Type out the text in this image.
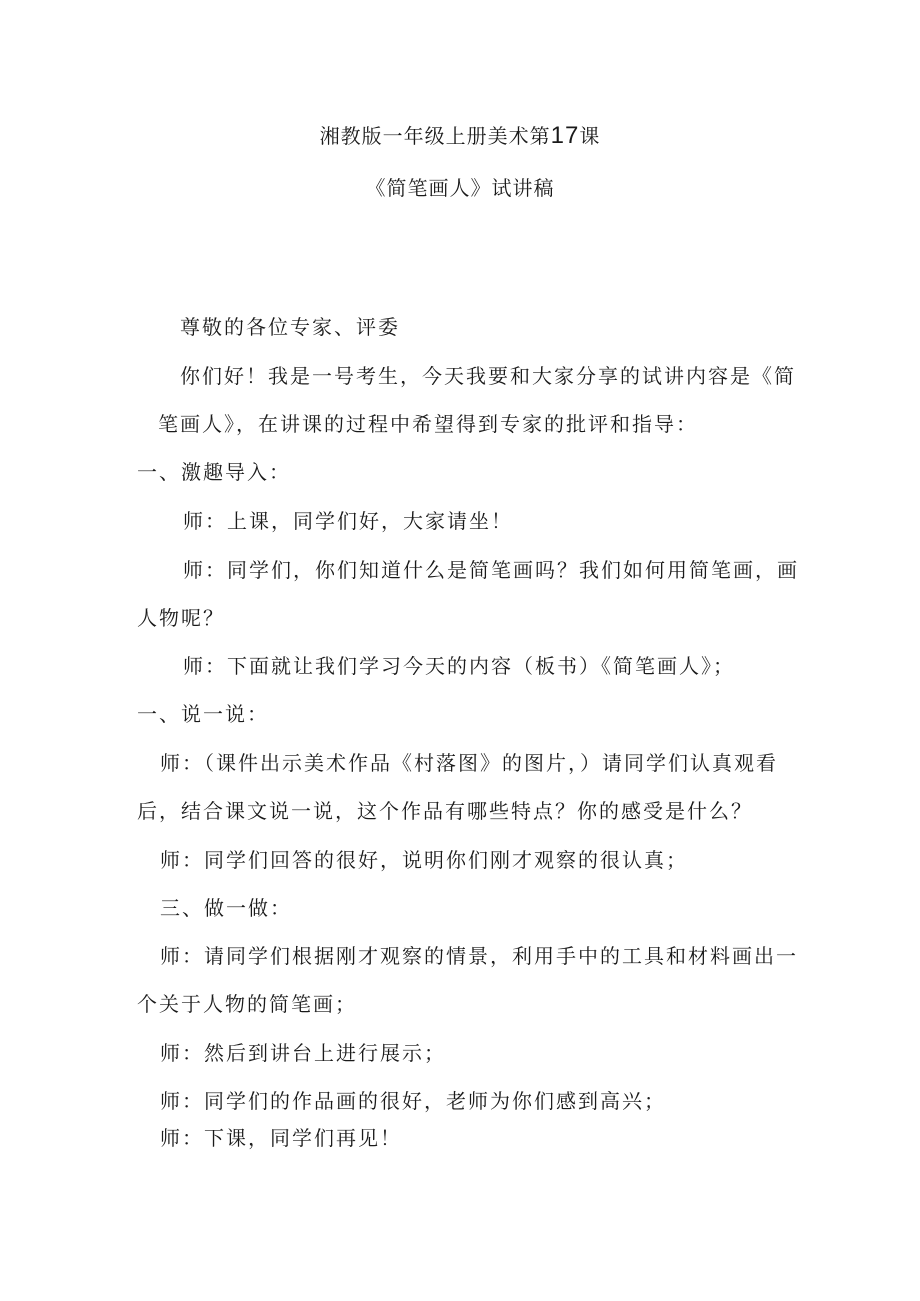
湘教版一年级上册美术第17课
《简笔画人》试讲稿
尊敬的各位专家、评委
你们好！我是一号考生，今天我要和大家分享的试讲内容是《简
笔画人》，在讲课的过程中希望得到专家的批评和指导：
一、激趣导入：
师：上课，同学们好，大家请坐！
师：同学们，你们知道什么是简笔画吗？我们如何用简笔画，画
人物呢？
师：下面就让我们学习今天的内容（板书）《简笔画人》；
一、说一说：
师：（课件出示美术作品《村落图》的图片，）请同学们认真观看
后，结合课文说一说，这个作品有哪些特点？你的感受是什么？
师：同学们回答的很好，说明你们刚才观察的很认真；
三、做一做：
师：请同学们根据刚才观察的情景，利用手中的工具和材料画出一
个关于人物的简笔画；
师：然后到讲台上进行展示；
师：同学们的作品画的很好，老师为你们感到高兴；
师：下课，同学们再见！
